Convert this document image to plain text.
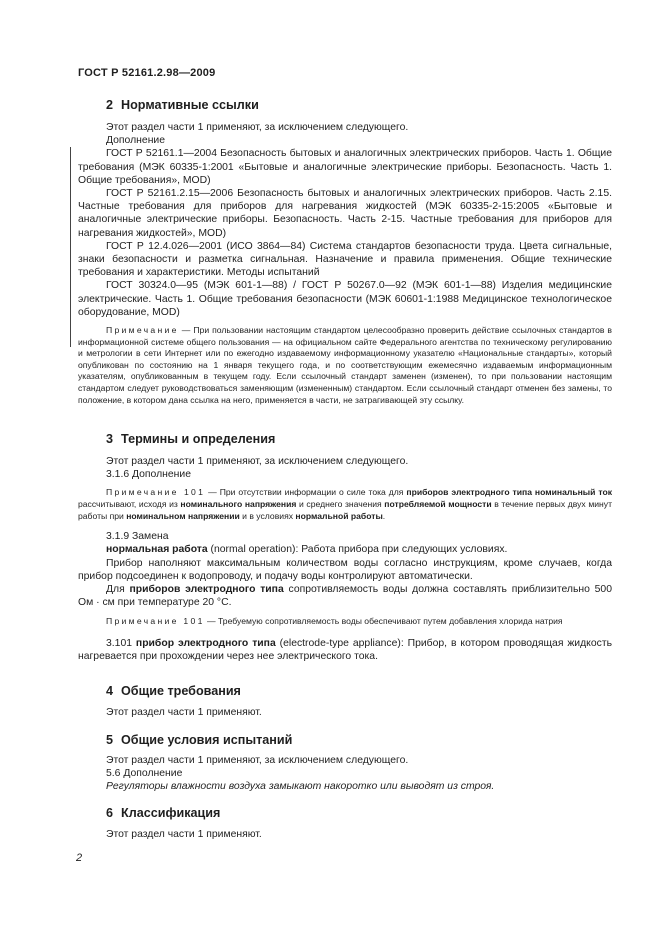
ГОСТ Р 52161.2.98—2009
2 Нормативные ссылки

Этот раздел части 1 применяют, за исключением следующего.

Дополнение

ГОСТ Р 52161.1—2004 Безопасность бытовых и аналогичных электрических приборов. Часть 1. Общие требования (МЭК 60335-1:2001 «Бытовые и аналогичные электрические приборы. Безопасность. Часть 1. Общие требования», MOD)

ГОСТ Р 52161.2.15—2006 Безопасность бытовых и аналогичных электрических приборов. Часть 2.15. Частные требования для приборов для нагревания жидкостей (МЭК 60335-2-15:2005 «Бытовые и аналогичные электрические приборы. Безопасность. Часть 2-15. Частные требования для приборов для нагревания жидкостей», MOD)

ГОСТ Р 12.4.026—2001 (ИСО 3864—84) Система стандартов безопасности труда. Цвета сигнальные, знаки безопасности и разметка сигнальная. Назначение и правила применения. Общие технические требования и характеристики. Методы испытаний

ГОСТ 30324.0—95 (МЭК 601-1—88) / ГОСТ Р 50267.0—92 (МЭК 601-1—88) Изделия медицинские электрические. Часть 1. Общие требования безопасности (МЭК 60601-1:1988 Медицинское технологическое оборудование, MOD)

Примечание — При пользовании настоящим стандартом целесообразно проверить действие ссылочных стандартов в информационной системе общего пользования — на официальном сайте Федерального агентства по техническому регулированию и метрологии в сети Интернет или по ежегодно издаваемому информационному указателю «Национальные стандарты», который опубликован по состоянию на 1 января текущего года, и по соответствующим ежемесячно издаваемым информационным указателям, опубликованным в текущем году. Если ссылочный стандарт заменен (изменен), то при пользовании настоящим стандартом следует руководствоваться заменяющим (измененным) стандартом. Если ссылочный стандарт отменен без замены, то положение, в котором дана ссылка на него, применяется в части, не затрагивающей эту ссылку.

3 Термины и определения

Этот раздел части 1 применяют, за исключением следующего.

3.1.6 Дополнение

Примечание 101 — При отсутствии информации о силе тока для приборов электродного типа номинальный ток рассчитывают, исходя из номинального напряжения и среднего значения потребляемой мощности в течение первых двух минут работы при номинальном напряжении и в условиях нормальной работы.

3.1.9 Замена

нормальная работа (normal operation): Работа прибора при следующих условиях.

Прибор наполняют максимальным количеством воды согласно инструкциям, кроме случаев, когда прибор подсоединен к водопроводу, и подачу воды контролируют автоматически.

Для приборов электродного типа сопротивляемость воды должна составлять приблизительно 500 Ом · см при температуре 20 °С.

Примечание 101 — Требуемую сопротивляемость воды обеспечивают путем добавления хлорида натрия

3.101 прибор электродного типа (electrode-type appliance): Прибор, в котором проводящая жидкость нагревается при прохождении через нее электрического тока.

4 Общие требования

Этот раздел части 1 применяют.

5 Общие условия испытаний

Этот раздел части 1 применяют, за исключением следующего.

5.6 Дополнение

Регуляторы влажности воздуха замыкают накоротко или выводят из строя.

6 Классификация

Этот раздел части 1 применяют.

2
